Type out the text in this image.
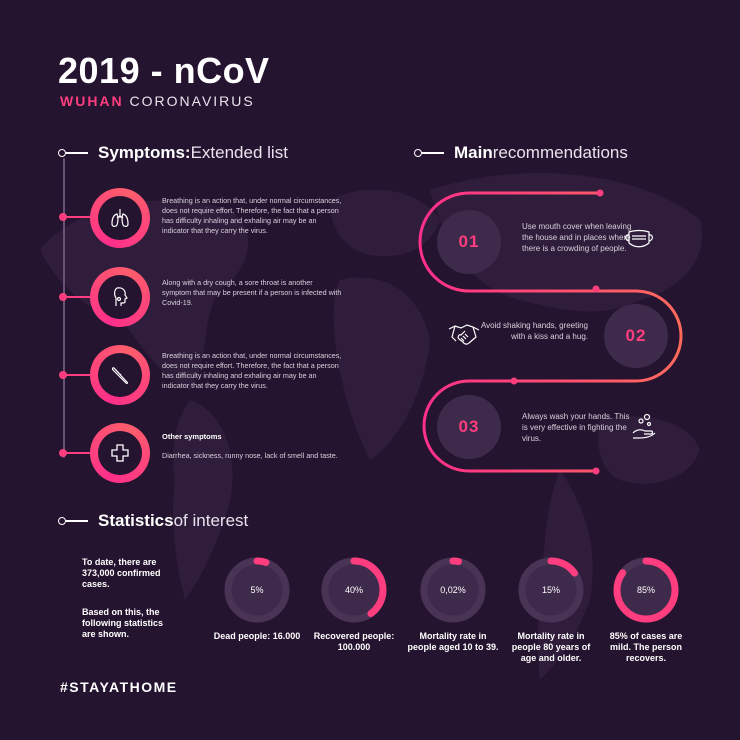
2019 - nCoV
WUHAN CORONAVIRUS
Symptoms: Extended list
Breathing is an action that, under normal circumstances, does not require effort. Therefore, the fact that a person has difficulty inhaling and exhaling air may be an indicator that they carry the virus.
Along with a dry cough, a sore throat is another symptom that may be present if a person is infected with Covid-19.
Breathing is an action that, under normal circumstances, does not require effort. Therefore, the fact that a person has difficulty inhaling and exhaling air may be an indicator that they carry the virus.
Other symptoms
Diarrhea, sickness, runny nose, lack of smell and taste.
Main recommendations
01
Use mouth cover when leaving the house and in places where there is a crowding of people.
02
Avoid shaking hands, greeting with a kiss and a hug.
03
Always wash your hands. This is very effective in fighting the virus.
Statistics of interest
To date, there are 373,000 confirmed cases.
Based on this, the following statistics are shown.
5%
Dead people: 16.000
40%
Recovered people: 100.000
0,02%
Mortality rate in people aged 10 to 39.
15%
Mortality rate in people 80 years of age and older.
85%
85% of cases are mild. The person recovers.
#STAYATHOME
